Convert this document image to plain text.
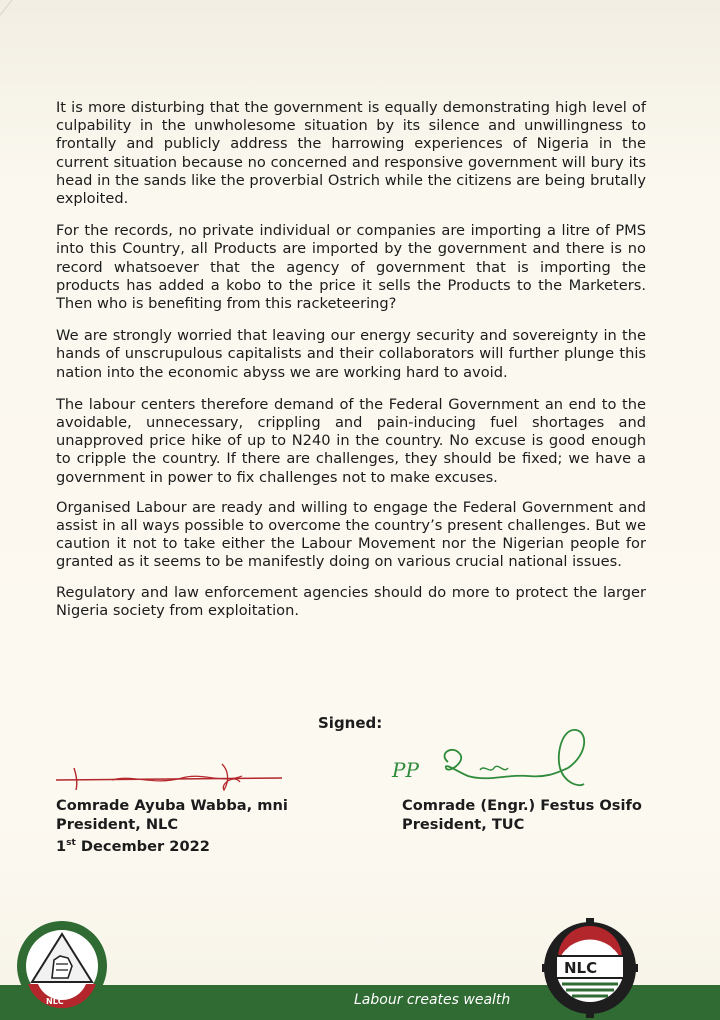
It is more disturbing that the government is equally demonstrating high level of culpability in the unwholesome situation by its silence and unwillingness to frontally and publicly address the harrowing experiences of Nigeria in the current situation because no concerned and responsive government will bury its head in the sands like the proverbial Ostrich while the citizens are being brutally exploited.

For the records, no private individual or companies are importing a litre of PMS into this Country, all Products are imported by the government and there is no record whatsoever that the agency of government that is importing the products has added a kobo to the price it sells the Products to the Marketers. Then who is benefiting from this racketeering?

We are strongly worried that leaving our energy security and sovereignty in the hands of unscrupulous capitalists and their collaborators will further plunge this nation into the economic abyss we are working hard to avoid.

The labour centers therefore demand of the Federal Government an end to the avoidable, unnecessary, crippling and pain-inducing fuel shortages and unapproved price hike of up to N240 in the country. No excuse is good enough to cripple the country. If there are challenges, they should be fixed; we have a government in power to fix challenges not to make excuses.

Organised Labour are ready and willing to engage the Federal Government and assist in all ways possible to overcome the country’s present challenges. But we caution it not to take either the Labour Movement nor the Nigerian people for granted as it seems to be manifestly doing on various crucial national issues.

Regulatory and law enforcement agencies should do more to protect the larger Nigeria society from exploitation.

Signed:
PP
Comrade Ayuba Wabba, mni
President, NLC
1st December 2022
Comrade (Engr.) Festus Osifo
President, TUC
Labour creates wealth
NLC
NLC
